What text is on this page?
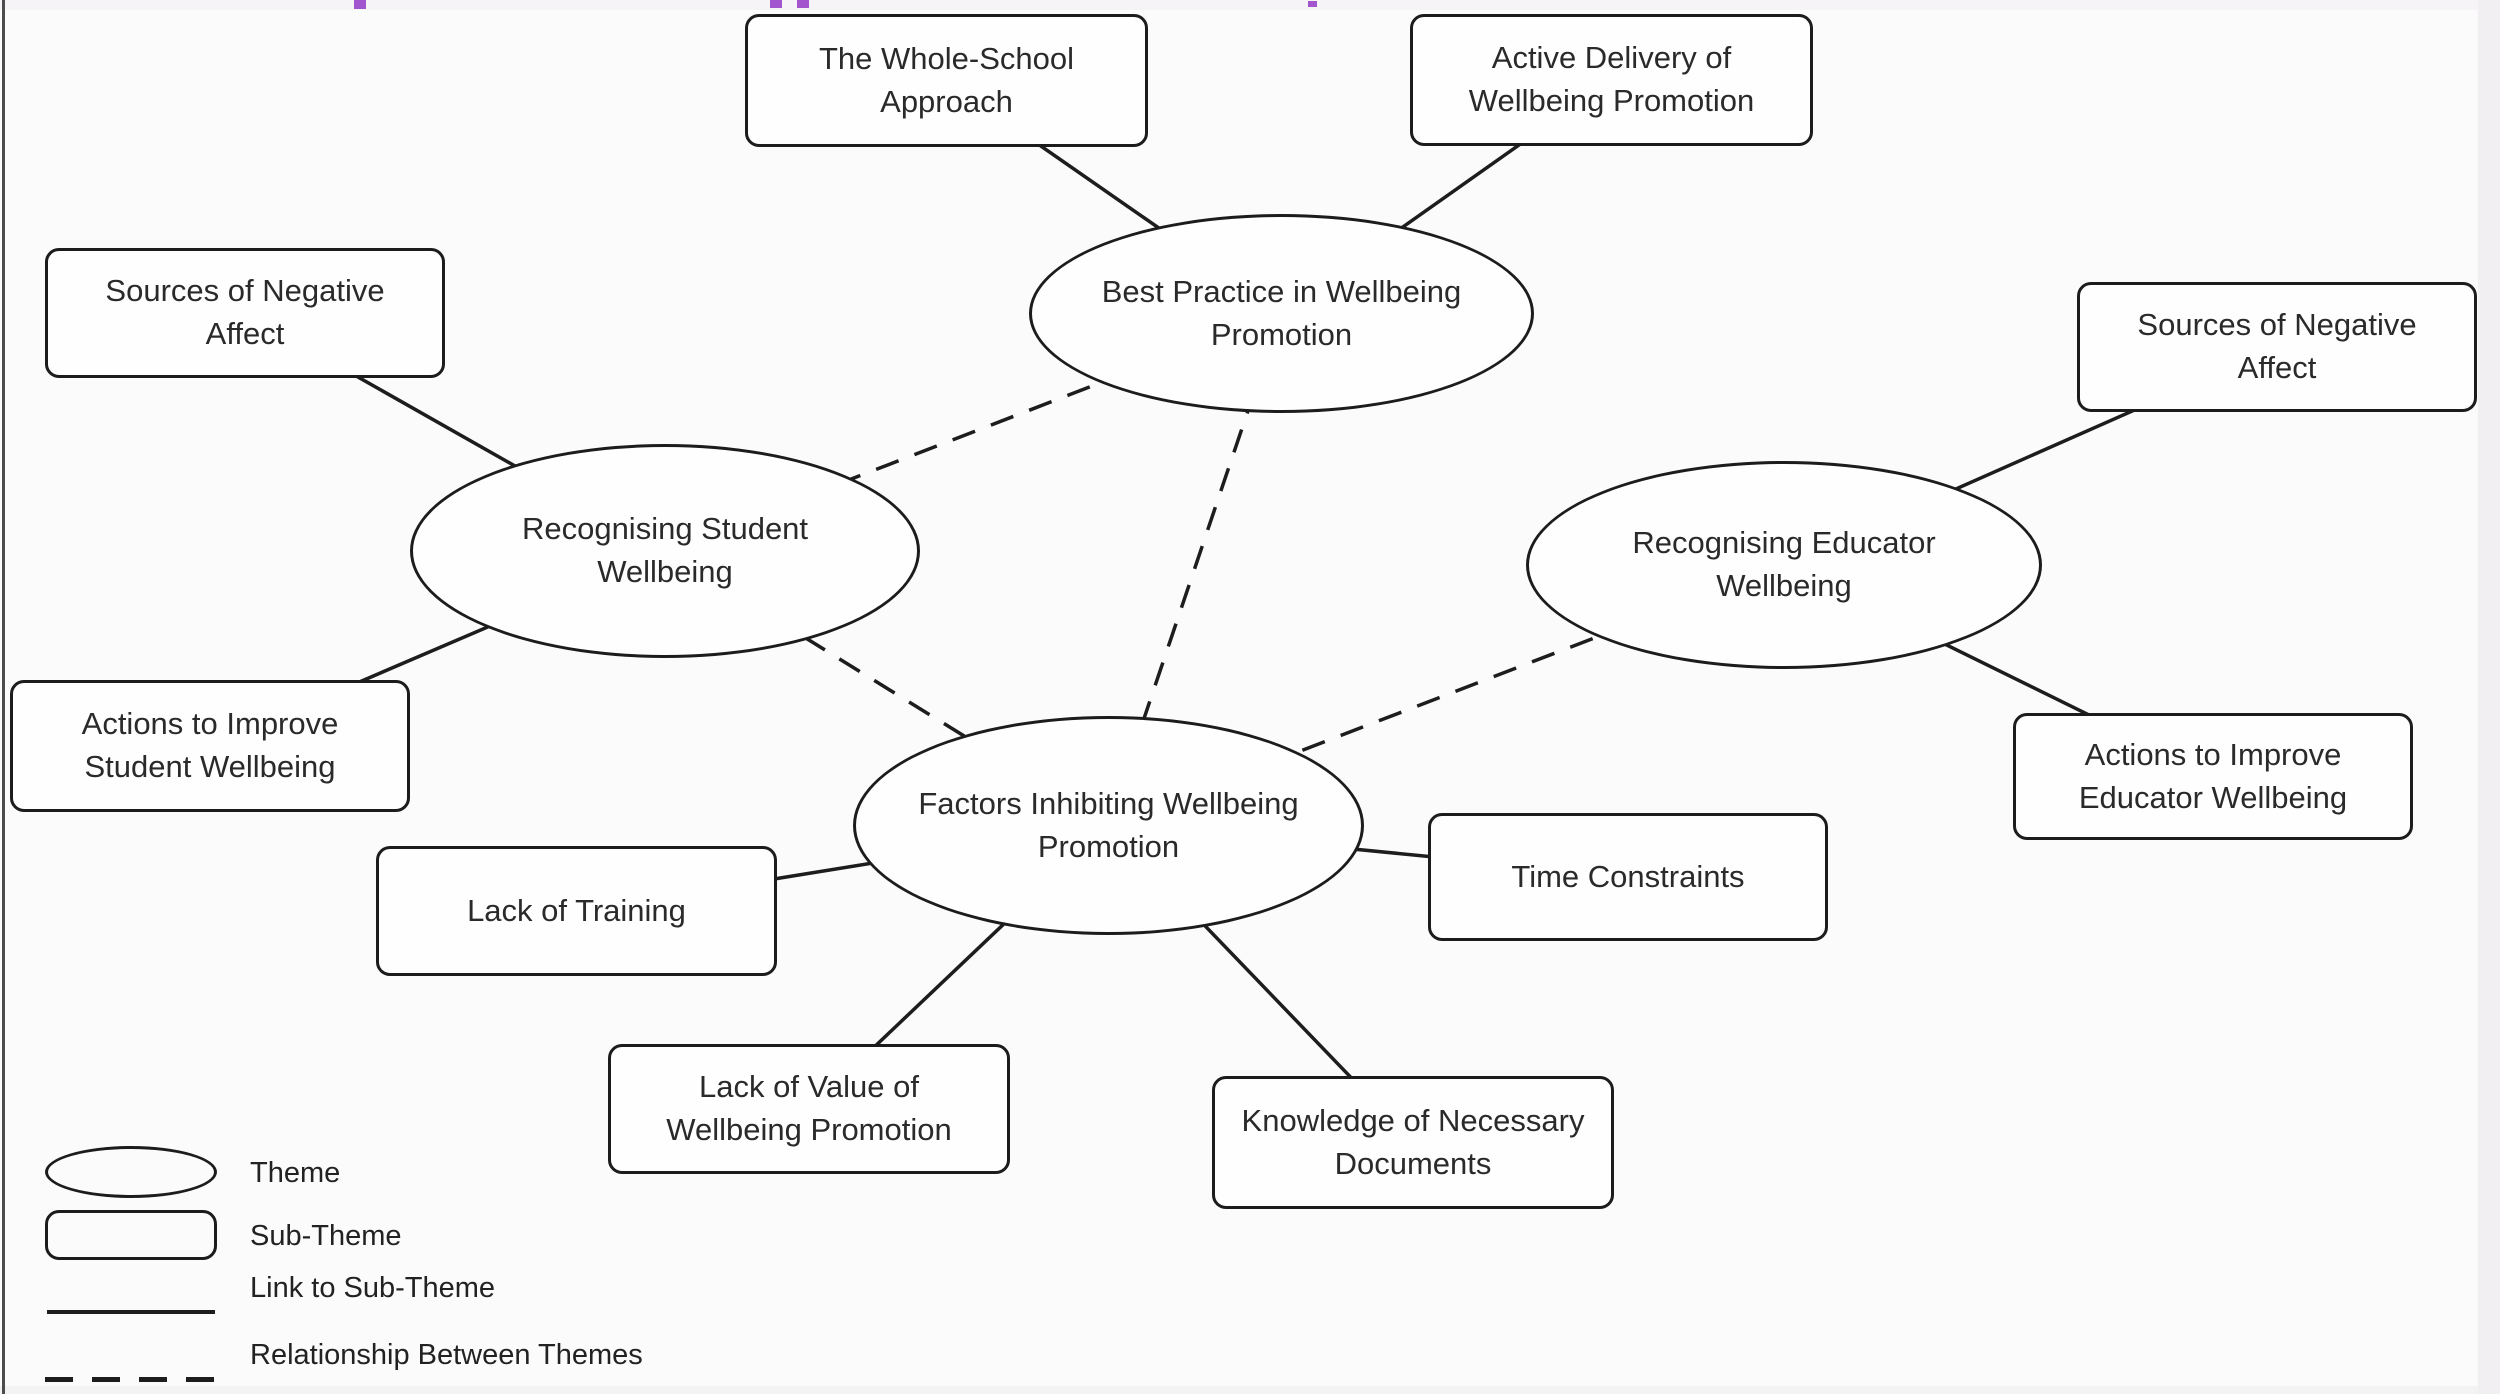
Best Practice in Wellbeing Promotion
Recognising Student Wellbeing
Recognising Educator Wellbeing
Factors Inhibiting Wellbeing Promotion
The Whole-School Approach
Active Delivery of Wellbeing Promotion
Sources of Negative Affect
Actions to Improve Student Wellbeing
Lack of Training
Lack of Value of Wellbeing Promotion	Knowledge of Necessary Documents
Time Constraints
Sources of Negative Affect
Actions to Improve Educator Wellbeing
Theme
Sub-Theme
Link to Sub-Theme
Relationship Between Themes
